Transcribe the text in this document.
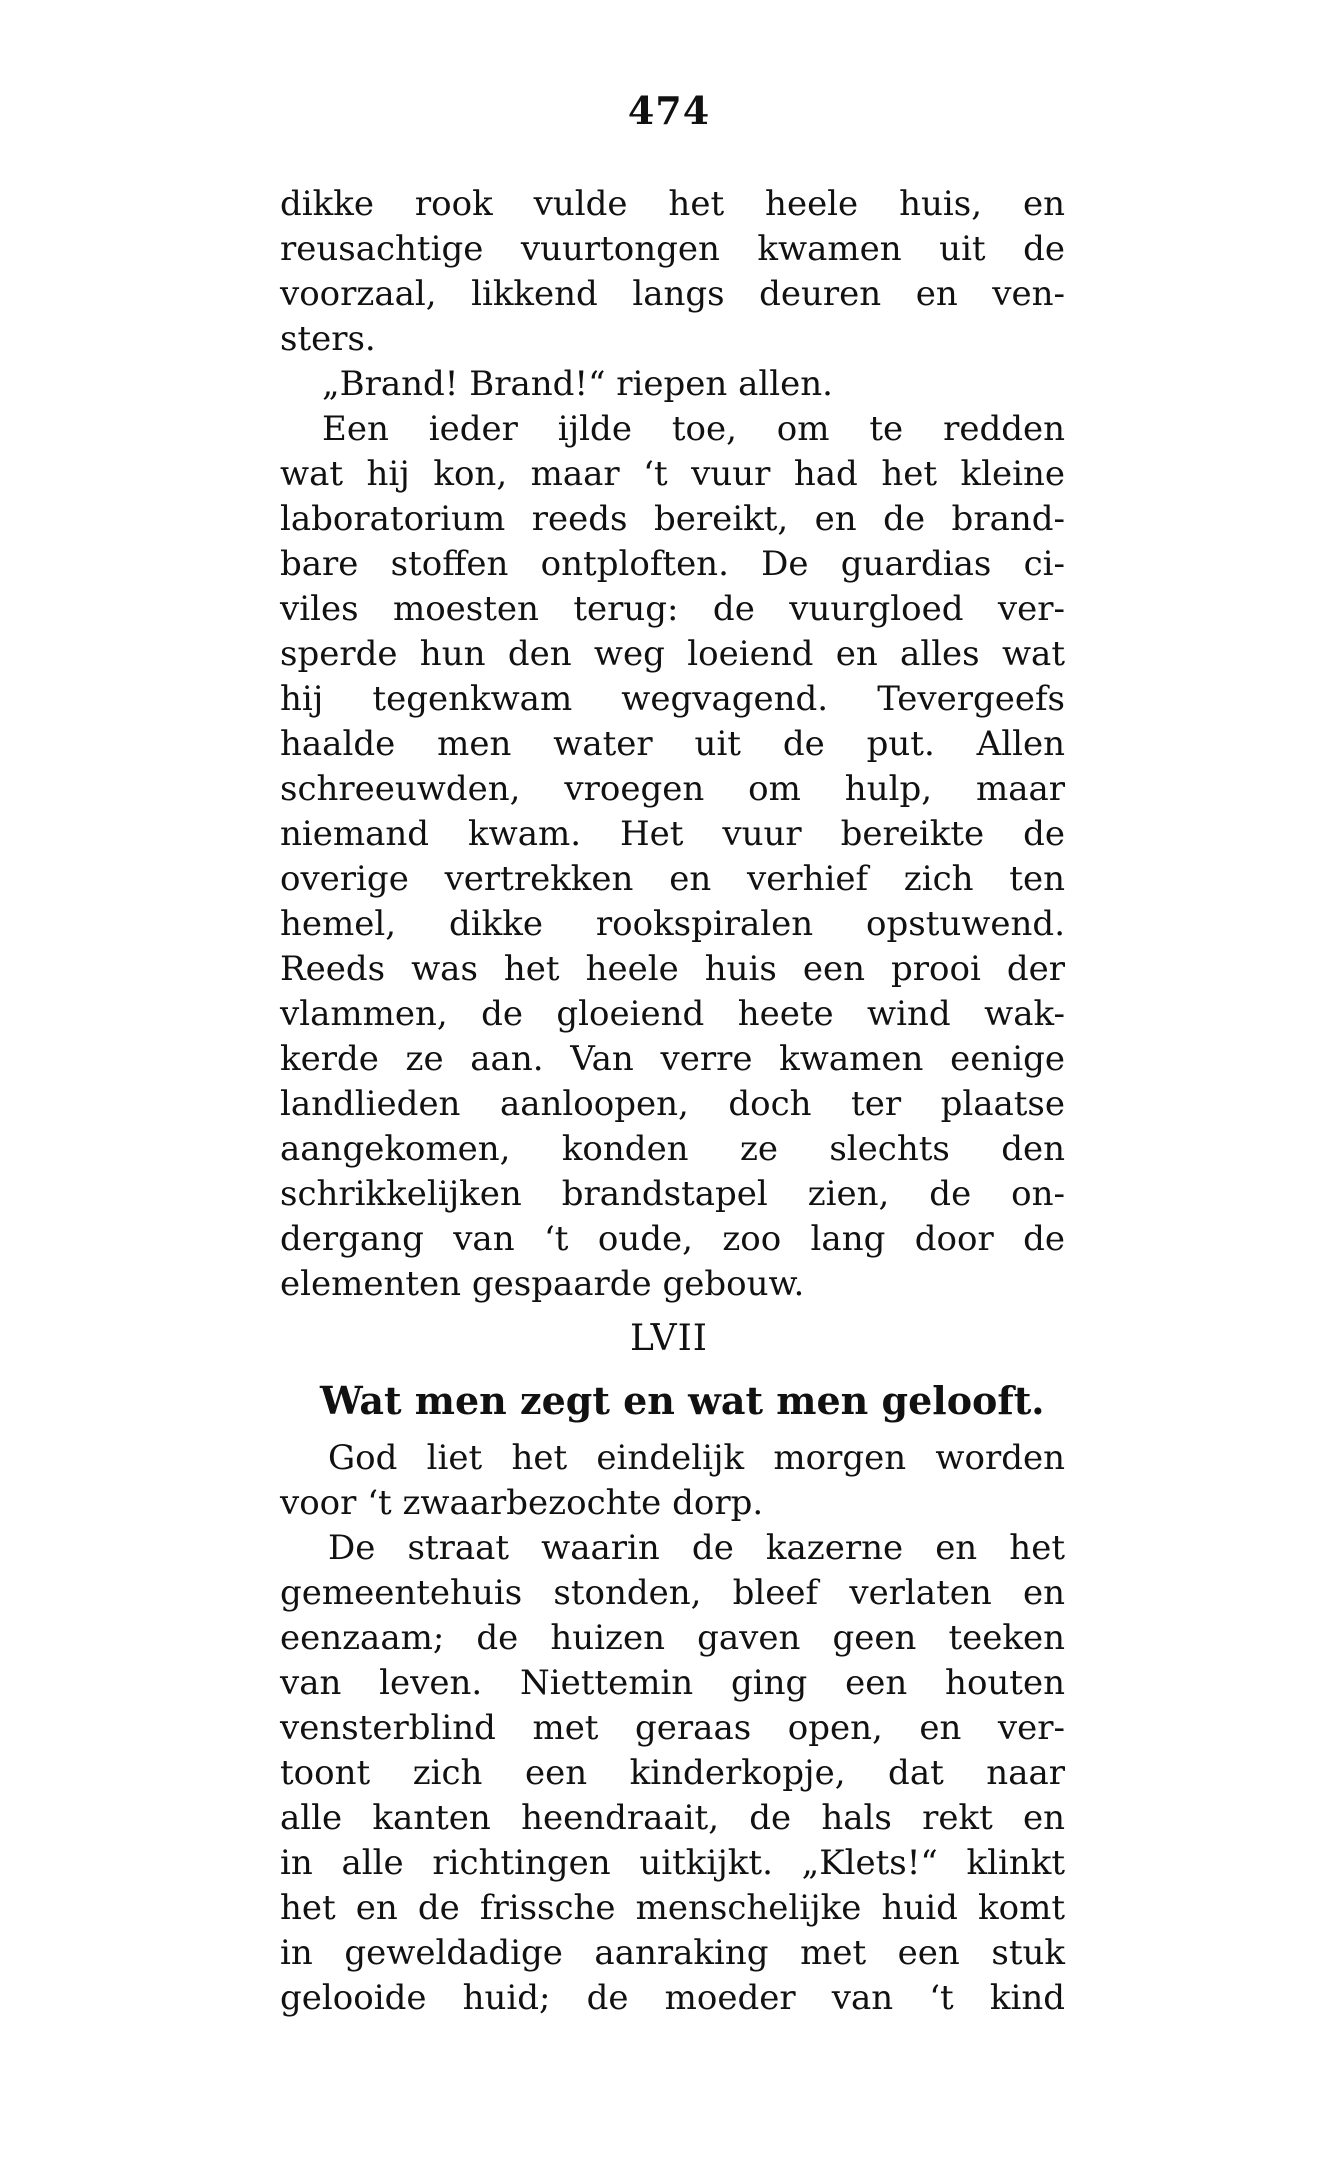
474
dikke rook vulde het heele huis, en
reusachtige vuurtongen kwamen uit de
voorzaal, likkend langs deuren en ven-
sters.
„Brand! Brand!“ riepen allen.
Een ieder ijlde toe, om te redden
wat hij kon, maar ‘t vuur had het kleine
laboratorium reeds bereikt, en de brand-
bare stoffen ontploften. De guardias ci-
viles moesten terug: de vuurgloed ver-
sperde hun den weg loeiend en alles wat
hij tegenkwam wegvagend. Tevergeefs
haalde men water uit de put. Allen
schreeuwden, vroegen om hulp, maar
niemand kwam. Het vuur bereikte de
overige vertrekken en verhief zich ten
hemel, dikke rookspiralen opstuwend.
Reeds was het heele huis een prooi der
vlammen, de gloeiend heete wind wak-
kerde ze aan. Van verre kwamen eenige
landlieden aanloopen, doch ter plaatse
aangekomen, konden ze slechts den
schrikkelijken brandstapel zien, de on-
dergang van ‘t oude, zoo lang door de
elementen gespaarde gebouw.
LVII
Wat men zegt en wat men gelooft.
God liet het eindelijk morgen worden
voor ‘t zwaarbezochte dorp.
De straat waarin de kazerne en het
gemeentehuis stonden, bleef verlaten en
eenzaam; de huizen gaven geen teeken
van leven. Niettemin ging een houten
vensterblind met geraas open, en ver-
toont zich een kinderkopje, dat naar
alle kanten heendraait, de hals rekt en
in alle richtingen uitkijkt. „Klets!“ klinkt
het en de frissche menschelijke huid komt
in geweldadige aanraking met een stuk
gelooide huid; de moeder van ‘t kind
